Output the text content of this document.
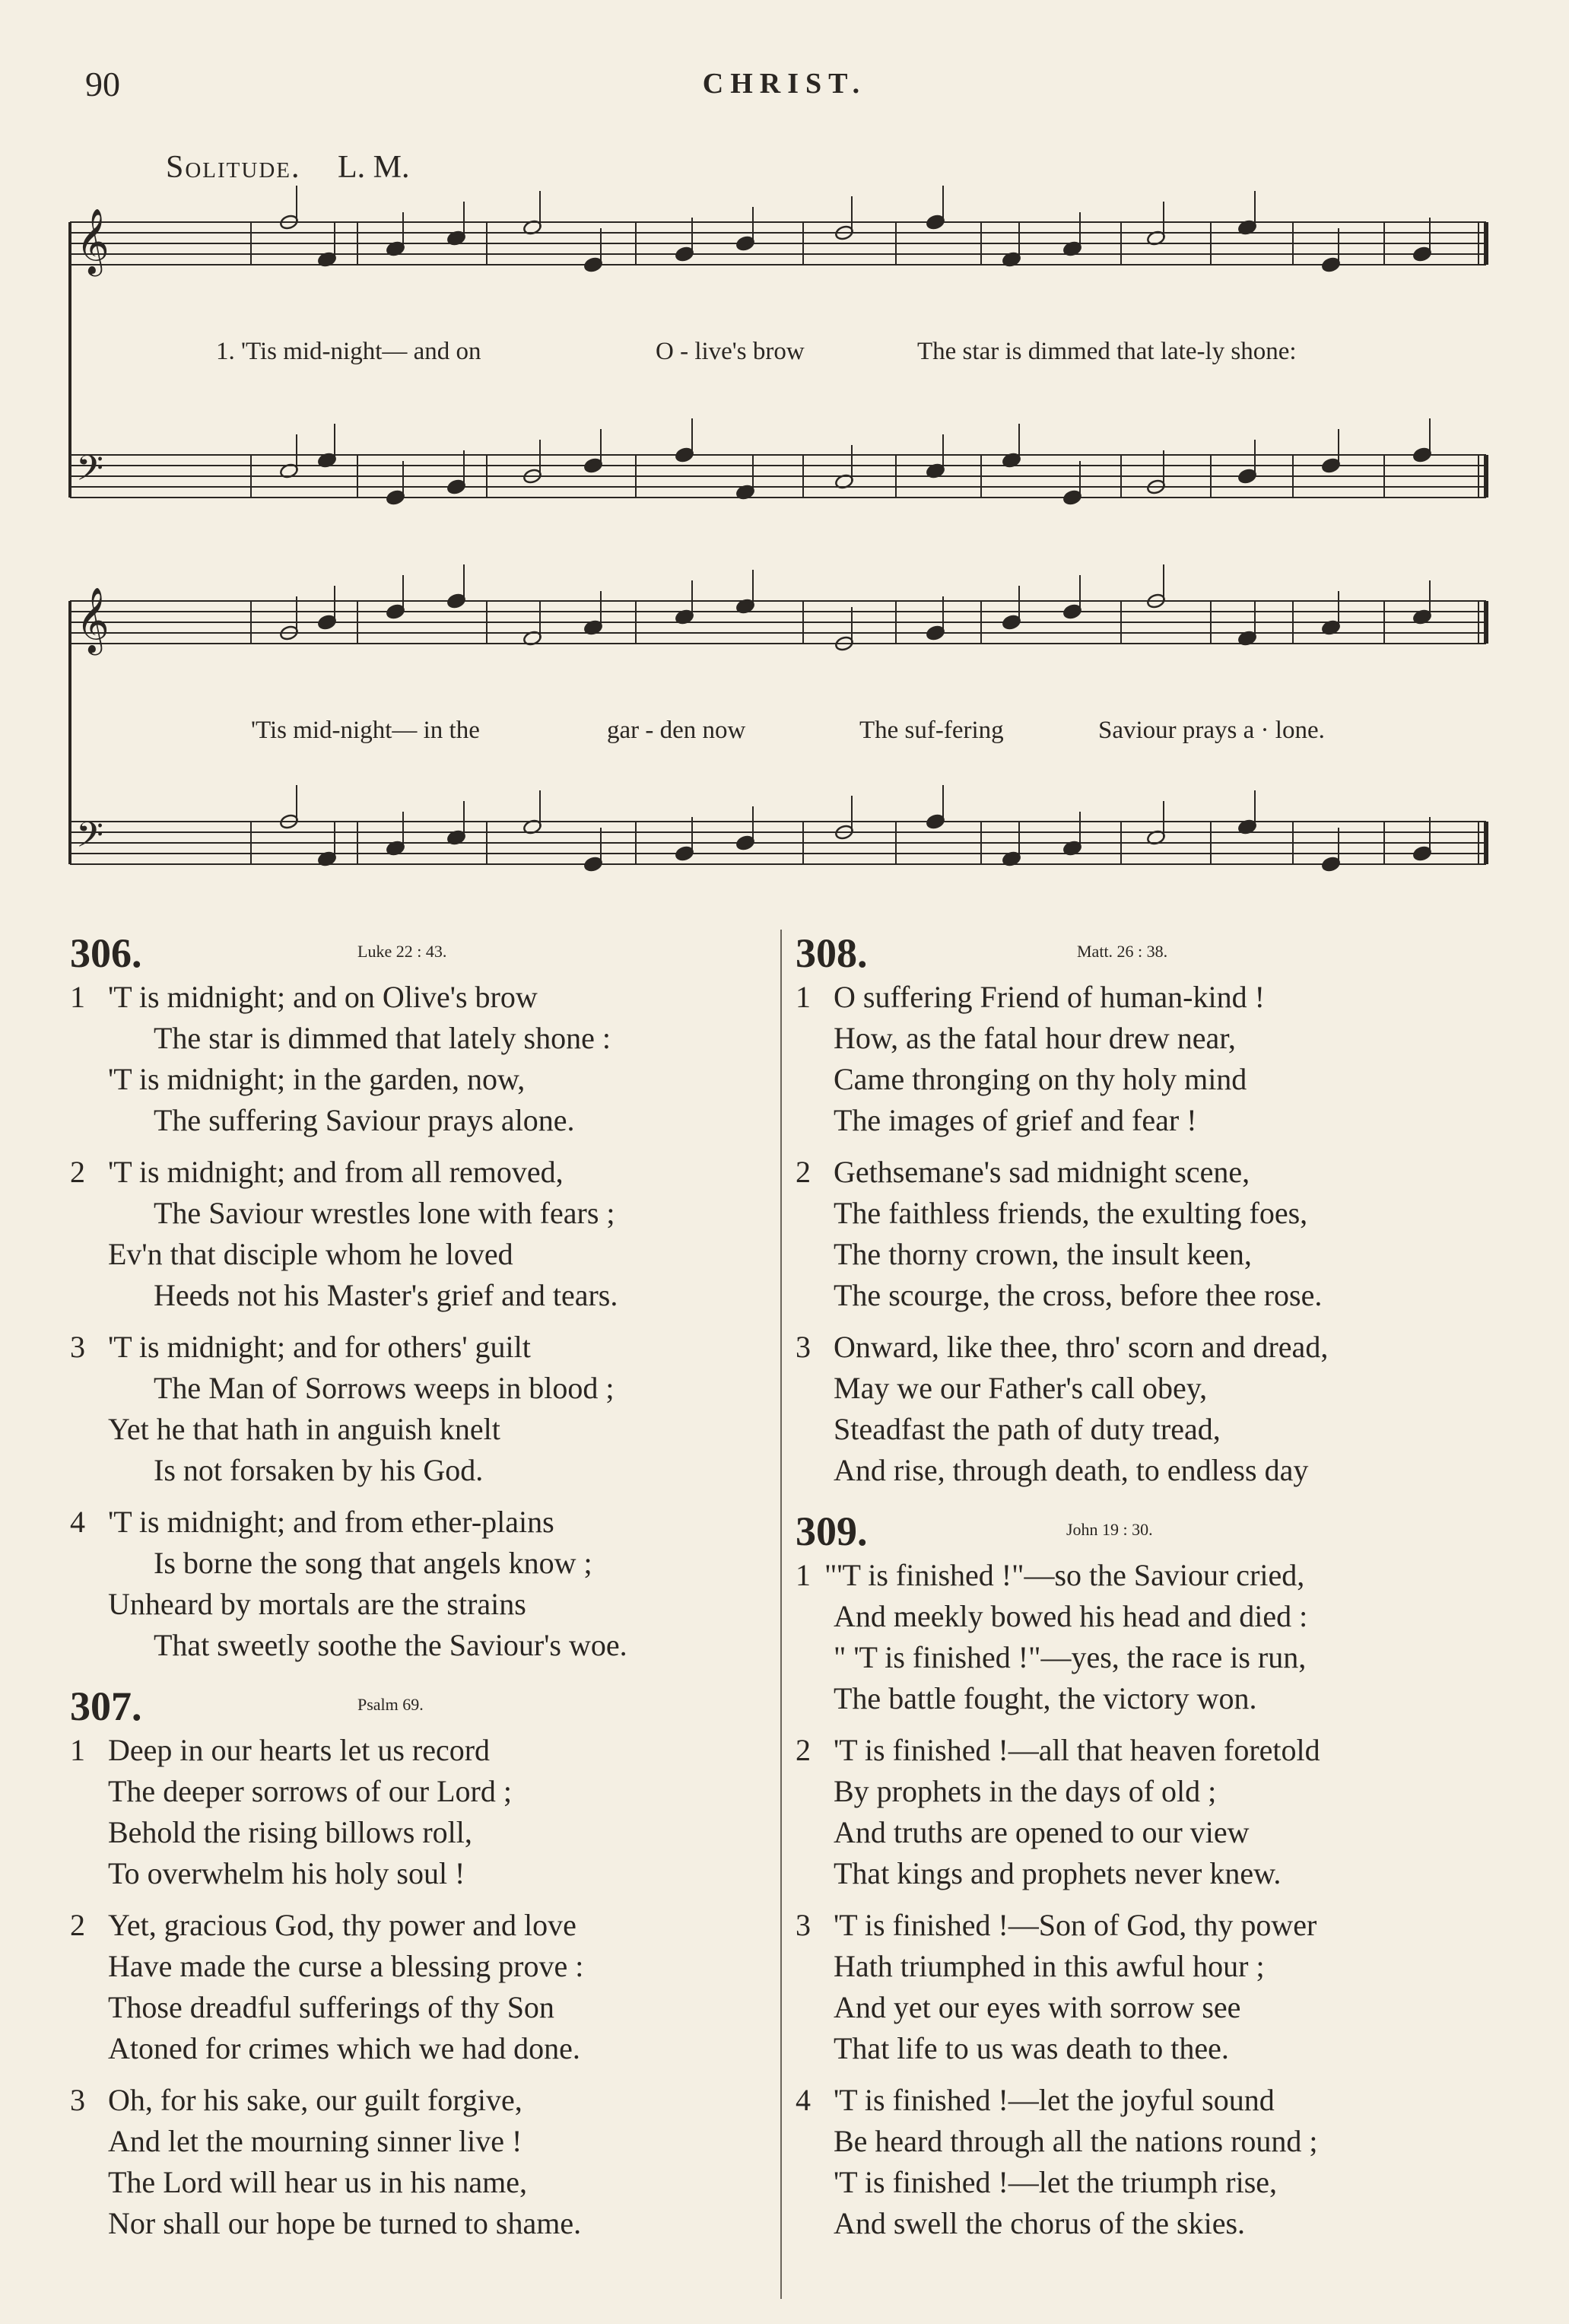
90	CHRIST.
Solitude. L. M.
𝄞
𝄢
𝄞
𝄢
1. 'Tis mid-night— and on	O - live's brow	The star is dimmed that late-ly shone:
'Tis mid-night— in the	gar - den now	The suf-fering	Saviour prays a · lone.
306.	Luke 22 : 43.
1 'T is midnight; and on Olive's brow
The star is dimmed that lately shone :
'T is midnight; in the garden, now,
The suffering Saviour prays alone.
2 'T is midnight; and from all removed,
The Saviour wrestles lone with fears ;
Ev'n that disciple whom he loved
Heeds not his Master's grief and tears.
3 'T is midnight; and for others' guilt
The Man of Sorrows weeps in blood ;
Yet he that hath in anguish knelt
Is not forsaken by his God.
4 'T is midnight; and from ether-plains
Is borne the song that angels know ;
Unheard by mortals are the strains
That sweetly soothe the Saviour's woe.
307.	Psalm 69.
1 Deep in our hearts let us record
The deeper sorrows of our Lord ;
Behold the rising billows roll,
To overwhelm his holy soul !
2 Yet, gracious God, thy power and love
Have made the curse a blessing prove :
Those dreadful sufferings of thy Son
Atoned for crimes which we had done.
3 Oh, for his sake, our guilt forgive,
And let the mourning sinner live !
The Lord will hear us in his name,
Nor shall our hope be turned to shame.
308.	Matt. 26 : 38.
1 O suffering Friend of human-kind !
How, as the fatal hour drew near,
Came thronging on thy holy mind
The images of grief and fear !
2 Gethsemane's sad midnight scene,
The faithless friends, the exulting foes,
The thorny crown, the insult keen,
The scourge, the cross, before thee rose.
3 Onward, like thee, thro' scorn and dread,
May we our Father's call obey,
Steadfast the path of duty tread,
And rise, through death, to endless day
309.	John 19 : 30.
1 "'T is finished !"—so the Saviour cried,
And meekly bowed his head and died :
" 'T is finished !"—yes, the race is run,
The battle fought, the victory won.
2 'T is finished !—all that heaven foretold
By prophets in the days of old ;
And truths are opened to our view
That kings and prophets never knew.
3 'T is finished !—Son of God, thy power
Hath triumphed in this awful hour ;
And yet our eyes with sorrow see
That life to us was death to thee.
4 'T is finished !—let the joyful sound
Be heard through all the nations round ;
'T is finished !—let the triumph rise,
And swell the chorus of the skies.
